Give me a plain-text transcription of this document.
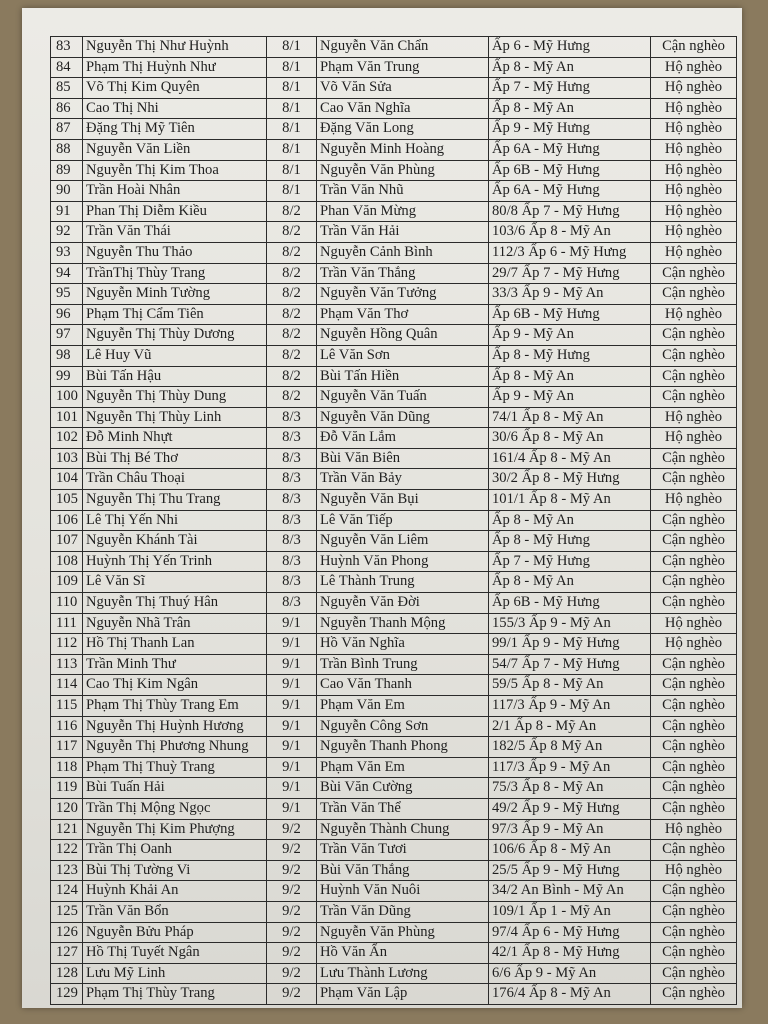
83	Nguyễn Thị Như Huỳnh	8/1	Nguyễn Văn Chẩn	Ấp 6 - Mỹ Hưng	Cận nghèo
84	Phạm Thị Huỳnh Như	8/1	Phạm Văn Trung	Ấp 8 - Mỹ An	Hộ nghèo
85	Võ Thị Kim Quyên	8/1	Võ Văn Sửa	Ấp 7 - Mỹ Hưng	Hộ nghèo
86	Cao Thị Nhi	8/1	Cao Văn Nghĩa	Ấp 8 - Mỹ An	Hộ nghèo
87	Đặng Thị Mỹ Tiên	8/1	Đặng Văn Long	Ấp 9 - Mỹ Hưng	Hộ nghèo
88	Nguyễn Văn Liền	8/1	Nguyễn Minh Hoàng	Ấp 6A - Mỹ Hưng	Hộ nghèo
89	Nguyễn Thị Kim Thoa	8/1	Nguyễn Văn Phùng	Ấp 6B - Mỹ Hưng	Hộ nghèo
90	Trần Hoài Nhân	8/1	Trần Văn Nhũ	Ấp 6A - Mỹ Hưng	Hộ nghèo
91	Phan Thị Diễm Kiều	8/2	Phan Văn Mừng	80/8 Ấp 7 - Mỹ Hưng	Hộ nghèo
92	Trần Văn Thái	8/2	Trần Văn Hải	103/6 Ấp 8 - Mỹ An	Hộ nghèo
93	Nguyễn Thu Thảo	8/2	Nguyễn Cảnh Bình	112/3 Ấp 6 - Mỹ Hưng	Hộ nghèo
94	TrầnThị Thùy Trang	8/2	Trần Văn Thắng	29/7 Ấp 7 - Mỹ Hưng	Cận nghèo
95	Nguyễn Minh Tường	8/2	Nguyễn Văn Tưởng	33/3 Ấp 9 - Mỹ An	Cận nghèo
96	Phạm Thị Cẩm Tiên	8/2	Phạm Văn Thơ	Ấp 6B - Mỹ Hưng	Hộ nghèo
97	Nguyễn Thị Thùy Dương	8/2	Nguyễn Hồng Quân	Ấp 9 - Mỹ An	Cận nghèo
98	Lê Huy Vũ	8/2	Lê Văn Sơn	Ấp 8 - Mỹ Hưng	Cận nghèo
99	Bùi Tấn Hậu	8/2	Bùi Tấn Hiền	Ấp 8 - Mỹ An	Cận nghèo
100 Nguyễn Thị Thùy Dung	8/2	Nguyễn Văn Tuấn	Ấp 9 - Mỹ An	Cận nghèo
101 Nguyễn Thị Thùy Linh	8/3	Nguyễn Văn Dũng	74/1 Ấp 8 - Mỹ An	Hộ nghèo
102 Đỗ Minh Nhựt	8/3	Đỗ Văn Lắm	30/6 Ấp 8 - Mỹ An	Hộ nghèo
103 Bùi Thị Bé Thơ	8/3	Bùi Văn Biên	161/4 Ấp 8 - Mỹ An	Cận nghèo
104 Trần Châu Thoại	8/3	Trần Văn Bảy	30/2 Ấp 8 - Mỹ Hưng	Cận nghèo
105 Nguyễn Thị Thu Trang	8/3	Nguyễn Văn Bụi	101/1 Ấp 8 - Mỹ An	Hộ nghèo
106 Lê Thị Yến Nhi	8/3	Lê Văn Tiếp	Ấp 8 - Mỹ An	Cận nghèo
107 Nguyễn Khánh Tài	8/3	Nguyễn Văn Liêm	Ấp 8 - Mỹ Hưng	Cận nghèo
108 Huỳnh Thị Yến Trinh	8/3	Huỳnh Văn Phong	Ấp 7 - Mỹ Hưng	Cận nghèo
109 Lê Văn Sĩ	8/3	Lê Thành Trung	Ấp 8 - Mỹ An	Cận nghèo
110 Nguyễn Thị Thuý Hân	8/3	Nguyễn Văn Đời	Ấp 6B - Mỹ Hưng	Cận nghèo
111 Nguyễn Nhã Trân	9/1	Nguyễn Thanh Mộng	155/3 Ấp 9 - Mỹ An	Hộ nghèo
112 Hồ Thị Thanh Lan	9/1	Hồ Văn Nghĩa	99/1 Ấp 9 - Mỹ Hưng	Hộ nghèo
113 Trần Minh Thư	9/1	Trần Bình Trung	54/7 Ấp 7 - Mỹ Hưng	Cận nghèo
114 Cao Thị Kim Ngân	9/1	Cao Văn Thanh	59/5 Ấp 8 - Mỹ An	Cận nghèo
115 Phạm Thị Thùy Trang Em	9/1	Phạm Văn Em	117/3 Ấp 9 - Mỹ An	Cận nghèo
116 Nguyễn Thị Huỳnh Hương	9/1	Nguyễn Công Sơn	2/1 Ấp 8 - Mỹ An	Cận nghèo
117 Nguyễn Thị Phương Nhung	9/1	Nguyễn Thanh Phong	182/5 Ấp 8 Mỹ An	Cận nghèo
118 Phạm Thị Thuỳ Trang	9/1	Phạm Văn Em	117/3 Ấp 9 - Mỹ An	Cận nghèo
119 Bùi Tuấn Hải	9/1	Bùi Văn Cường	75/3 Ấp 8 - Mỹ An	Cận nghèo
120 Trần Thị Mộng Ngọc	9/1	Trần Văn Thể	49/2 Ấp 9 - Mỹ Hưng	Cận nghèo
121 Nguyễn Thị Kim Phượng	9/2	Nguyễn Thành Chung	97/3 Ấp 9 - Mỹ An	Hộ nghèo
122 Trần Thị Oanh	9/2	Trần Văn Tươi	106/6 Ấp 8 - Mỹ An	Cận nghèo
123 Bùi Thị Tường Vi	9/2	Bùi Văn Thắng	25/5 Ấp 9 - Mỹ Hưng	Hộ nghèo
124 Huỳnh Khải An	9/2	Huỳnh Văn Nuôi	34/2 An Bình - Mỹ An	Cận nghèo
125 Trần Văn Bổn	9/2	Trần Văn Dũng	109/1 Ấp 1 - Mỹ An	Cận nghèo
126 Nguyễn Bửu Pháp	9/2	Nguyễn Văn Phùng	97/4 Ấp 6 - Mỹ Hưng	Cận nghèo
127 Hồ Thị Tuyết Ngân	9/2	Hồ Văn Ẩn	42/1 Ấp 8 - Mỹ Hưng	Cận nghèo
128 Lưu Mỹ Linh	9/2	Lưu Thành Lương	6/6 Ấp 9 - Mỹ An	Cận nghèo
129 Phạm Thị Thùy Trang	9/2	Phạm Văn Lập	176/4 Ấp 8 - Mỹ An	Cận nghèo
